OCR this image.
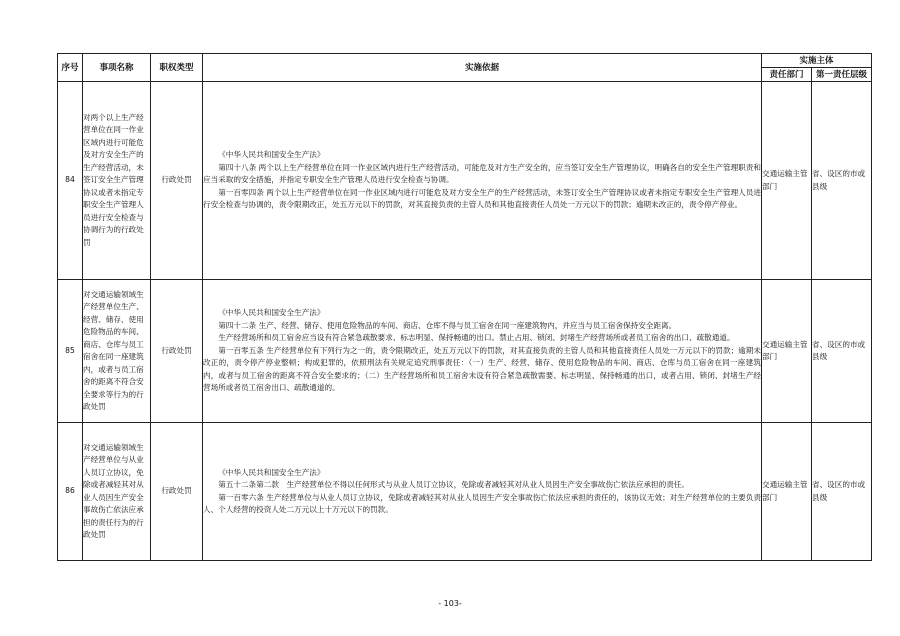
序号	事项名称	职权类型	实施依据	实施主体	
				责任部门	第一责任层级
84	对两个以上生产经营单位在同一作业区域内进行可能危及对方安全生产的生产经营活动，未签订安全生产管理协议或者未指定专职安全生产管理人员进行安全检查与协调行为的行政处罚	行政处罚	《中华人民共和国安全生产法》

第四十八条 两个以上生产经营单位在同一作业区域内进行生产经营活动，可能危及对方生产安全的，应当签订安全生产管理协议，明确各自的安全生产管理职责和应当采取的安全措施，并指定专职安全生产管理人员进行安全检查与协调。

第一百零四条 两个以上生产经营单位在同一作业区域内进行可能危及对方安全生产的生产经营活动，未签订安全生产管理协议或者未指定专职安全生产管理人员进行安全检查与协调的，责令限期改正，处五万元以下的罚款，对其直接负责的主管人员和其他直接责任人员处一万元以下的罚款；逾期未改正的，责令停产停业。	交通运输主管部门	省、设区的市或县级
85	对交通运输领域生产经营单位生产、经营、储存、使用危险物品的车间、商店、仓库与员工宿舍在同一座建筑内，或者与员工宿舍的距离不符合安全要求等行为的行政处罚	行政处罚	《中华人民共和国安全生产法》

第四十二条 生产、经营、储存、使用危险物品的车间、商店、仓库不得与员工宿舍在同一座建筑物内，并应当与员工宿舍保持安全距离。

生产经营场所和员工宿舍应当设有符合紧急疏散要求、标志明显、保持畅通的出口。禁止占用、锁闭、封堵生产经营场所或者员工宿舍的出口、疏散通道。

第一百零五条 生产经营单位有下列行为之一的，责令限期改正，处五万元以下的罚款，对其直接负责的主管人员和其他直接责任人员处一万元以下的罚款；逾期未改正的，责令停产停业整顿；构成犯罪的，依照刑法有关规定追究刑事责任：（一）生产、经营、储存、使用危险物品的车间、商店、仓库与员工宿舍在同一座建筑内，或者与员工宿舍的距离不符合安全要求的；（二）生产经营场所和员工宿舍未设有符合紧急疏散需要、标志明显、保持畅通的出口，或者占用、锁闭、封堵生产经营场所或者员工宿舍出口、疏散通道的。	交通运输主管部门	省、设区的市或县级
86	对交通运输领域生产经营单位与从业人员订立协议，免除或者减轻其对从业人员因生产安全事故伤亡依法应承担的责任行为的行政处罚	行政处罚	《中华人民共和国安全生产法》

第五十二条第二款　生产经营单位不得以任何形式与从业人员订立协议，免除或者减轻其对从业人员因生产安全事故伤亡依法应承担的责任。

第一百零六条 生产经营单位与从业人员订立协议，免除或者减轻其对从业人员因生产安全事故伤亡依法应承担的责任的，该协议无效；对生产经营单位的主要负责人、个人经营的投资人处二万元以上十万元以下的罚款。	交通运输主管部门	省、设区的市或县级
- 103-
